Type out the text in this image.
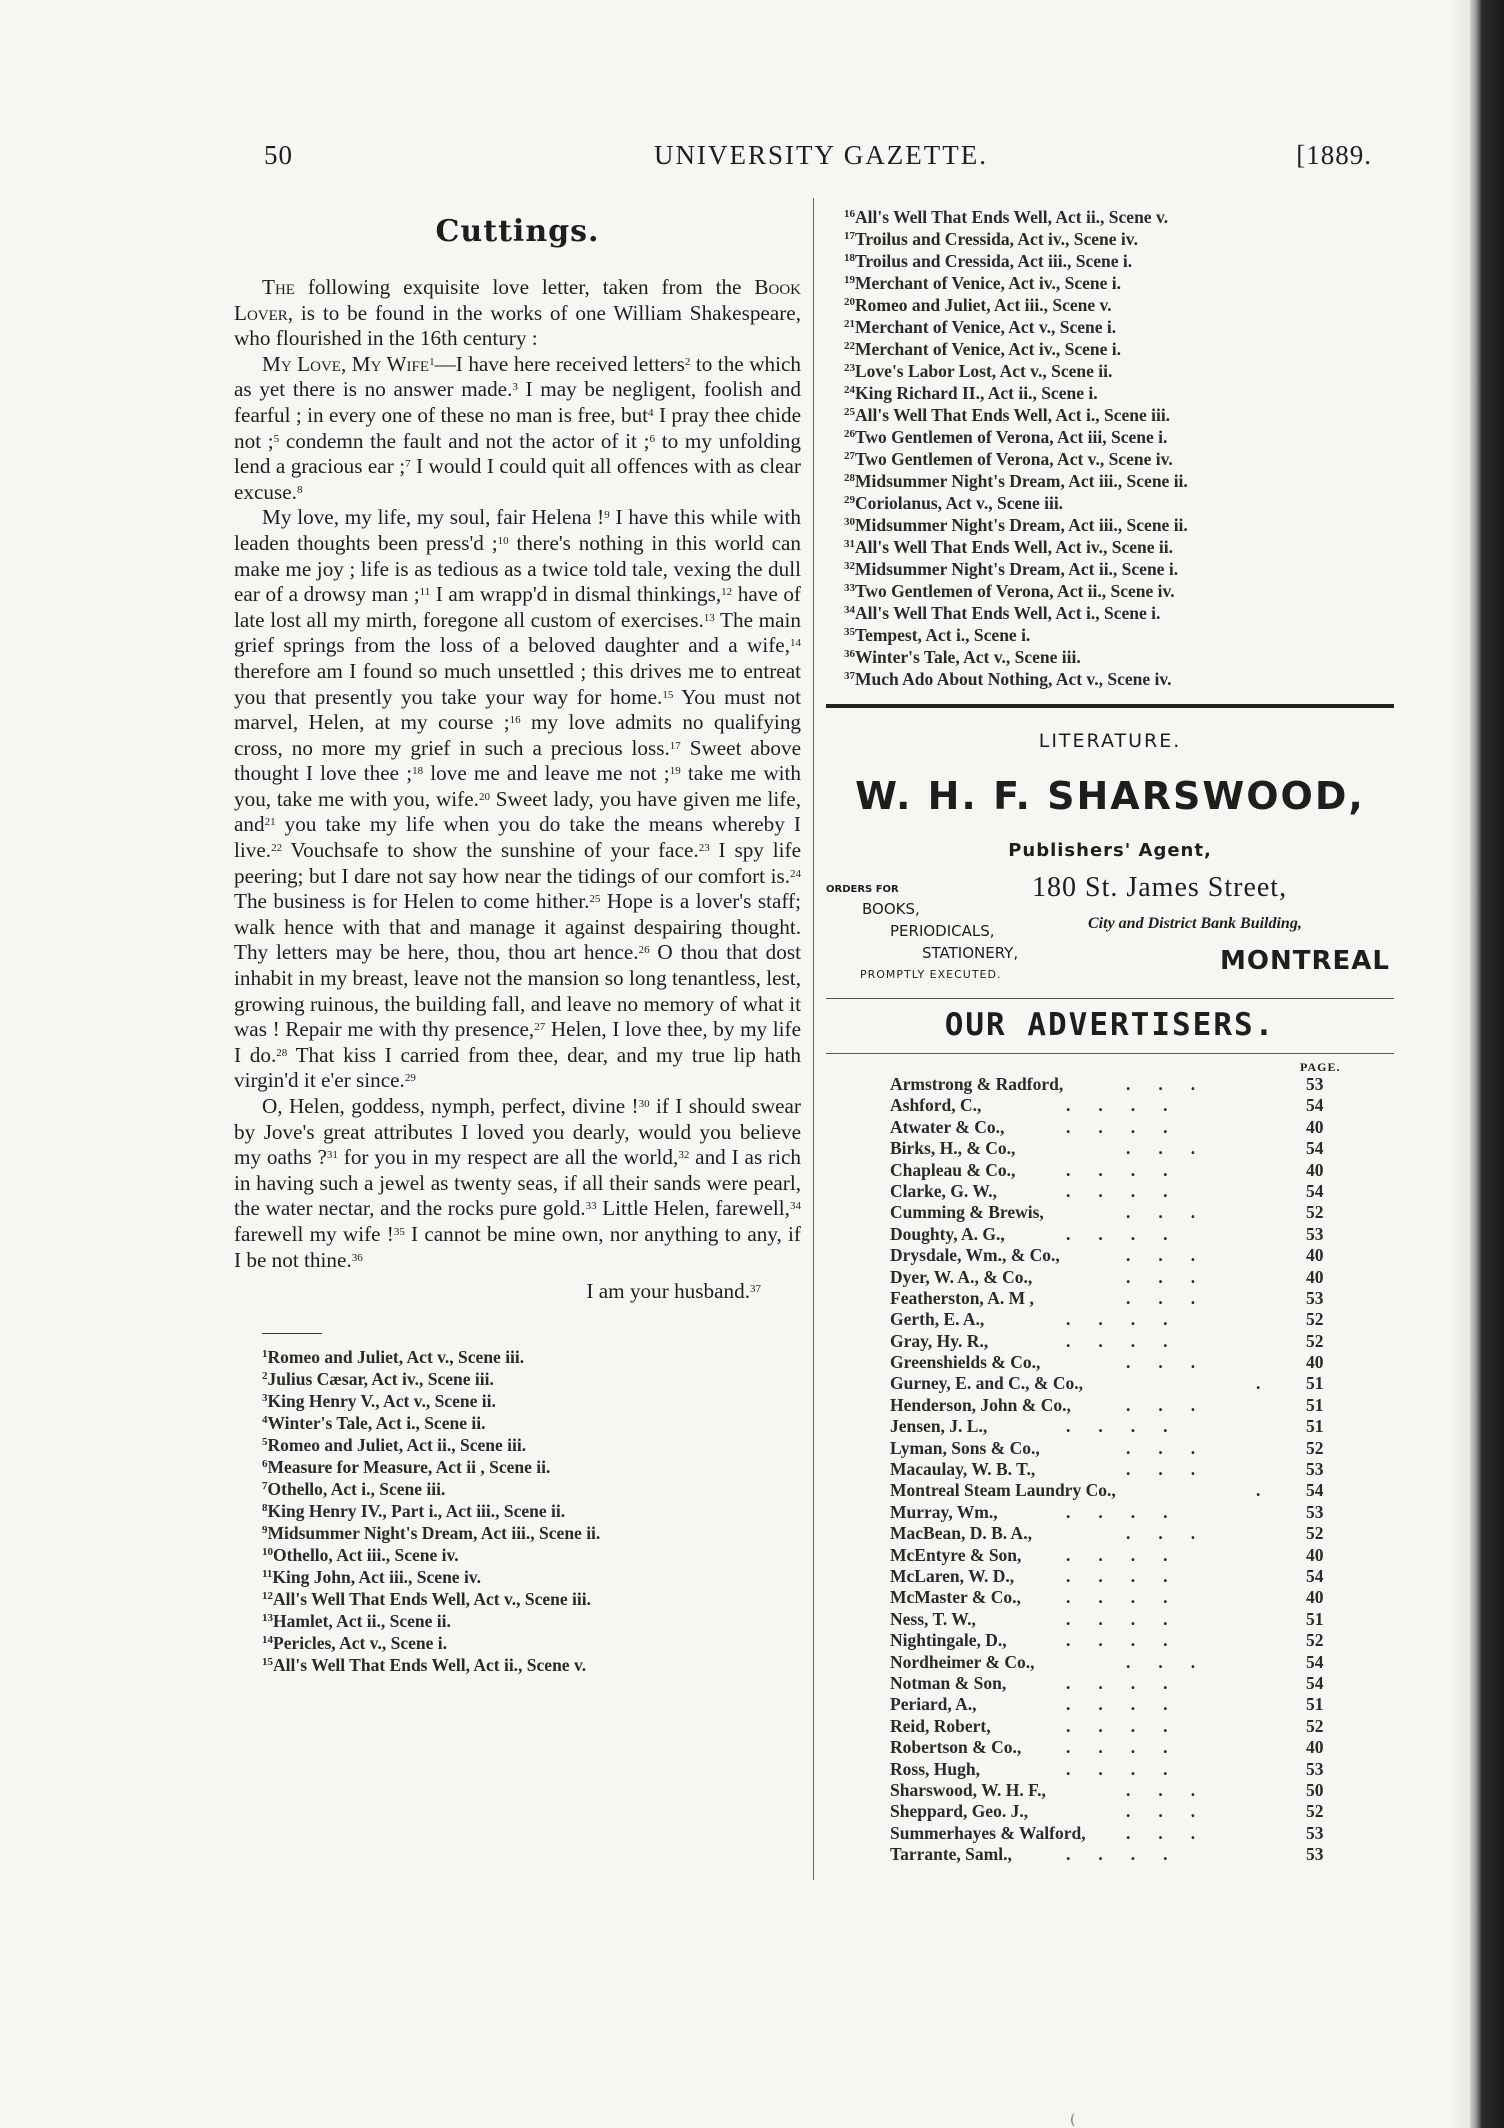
50	UNIVERSITY GAZETTE.	[1889.
Cuttings.

The following exquisite love letter, taken from the Book Lover, is to be found in the works of one William Shakespeare, who flourished in the 16th century :

My Love, My Wife$^1$—I have here received letters$^2$ to the which as yet there is no answer made.$^3$ I may be negligent, foolish and fearful ; in every one of these no man is free, but$^4$ I pray thee chide not ;$^5$ condemn the fault and not the actor of it ;$^6$ to my unfolding lend a gracious ear ;$^7$ I would I could quit all offences with as clear excuse.$^8$

My love, my life, my soul, fair Helena !$^9$ I have this while with leaden thoughts been press'd ;$^{10}$ there's nothing in this world can make me joy ; life is as tedious as a twice told tale, vexing the dull ear of a drowsy man ;$^{11}$ I am wrapp'd in dismal thinkings,$^{12}$ have of late lost all my mirth, foregone all custom of exercises.$^{13}$ The main grief springs from the loss of a beloved daughter and a wife,$^{14}$ therefore am I found so much unsettled ; this drives me to entreat you that presently you take your way for home.$^{15}$ You must not marvel, Helen, at my course ;$^{16}$ my love admits no qualifying cross, no more my grief in such a precious loss.$^{17}$ Sweet above thought I love thee ;$^{18}$ love me and leave me not ;$^{19}$ take me with you, take me with you, wife.$^{20}$ Sweet lady, you have given me life, and$^{21}$ you take my life when you do take the means whereby I live.$^{22}$ Vouchsafe to show the sunshine of your face.$^{23}$ I spy life peering; but I dare not say how near the tidings of our comfort is.$^{24}$ The business is for Helen to come hither.$^{25}$ Hope is a lover's staff; walk hence with that and manage it against despairing thought. Thy letters may be here, thou, thou art hence.$^{26}$ O thou that dost inhabit in my breast, leave not the mansion so long tenantless, lest, growing ruinous, the building fall, and leave no memory of what it was ! Repair me with thy presence,$^{27}$ Helen, I love thee, by my life I do.$^{28}$ That kiss I carried from thee, dear, and my true lip hath virgin'd it e'er since.$^{29}$

O, Helen, goddess, nymph, perfect, divine !$^{30}$ if I should swear by Jove's great attributes I loved you dearly, would you believe my oaths ?$^{31}$ for you in my respect are all the world,$^{32}$ and I as rich in having such a jewel as twenty seas, if all their sands were pearl, the water nectar, and the rocks pure gold.$^{33}$ Little Helen, farewell,$^{34}$ farewell my wife !$^{35}$ I cannot be mine own, nor anything to any, if I be not thine.$^{36}$

I am your husband.$^{37}$

$^1$Romeo and Juliet, Act v., Scene iii.
$^2$Julius Cæsar, Act iv., Scene iii.
$^3$King Henry V., Act v., Scene ii.
$^4$Winter's Tale, Act i., Scene ii.
$^5$Romeo and Juliet, Act ii., Scene iii.
$^6$Measure for Measure, Act ii , Scene ii.
$^7$Othello, Act i., Scene iii.
$^8$King Henry IV., Part i., Act iii., Scene ii.
$^9$Midsummer Night's Dream, Act iii., Scene ii.
$^{10}$Othello, Act iii., Scene iv.
$^{11}$King John, Act iii., Scene iv.
$^{12}$All's Well That Ends Well, Act v., Scene iii.
$^{13}$Hamlet, Act ii., Scene ii.
$^{14}$Pericles, Act v., Scene i.
$^{15}$All's Well That Ends Well, Act ii., Scene v.
$^{16}$All's Well That Ends Well, Act ii., Scene v.
$^{17}$Troilus and Cressida, Act iv., Scene iv.
$^{18}$Troilus and Cressida, Act iii., Scene i.
$^{19}$Merchant of Venice, Act iv., Scene i.
$^{20}$Romeo and Juliet, Act iii., Scene v.
$^{21}$Merchant of Venice, Act v., Scene i.
$^{22}$Merchant of Venice, Act iv., Scene i.
$^{23}$Love's Labor Lost, Act v., Scene ii.
$^{24}$King Richard II., Act ii., Scene i.
$^{25}$All's Well That Ends Well, Act i., Scene iii.
$^{26}$Two Gentlemen of Verona, Act iii, Scene i.
$^{27}$Two Gentlemen of Verona, Act v., Scene iv.
$^{28}$Midsummer Night's Dream, Act iii., Scene ii.
$^{29}$Coriolanus, Act v., Scene iii.
$^{30}$Midsummer Night's Dream, Act iii., Scene ii.
$^{31}$All's Well That Ends Well, Act iv., Scene ii.
$^{32}$Midsummer Night's Dream, Act ii., Scene i.
$^{33}$Two Gentlemen of Verona, Act ii., Scene iv.
$^{34}$All's Well That Ends Well, Act i., Scene i.
$^{35}$Tempest, Act i., Scene i.
$^{36}$Winter's Tale, Act v., Scene iii.
$^{37}$Much Ado About Nothing, Act v., Scene iv.
LITERATURE.
W. H. F. SHARSWOOD,
Publishers' Agent,
ORDERS FOR
BOOKS,
PERIODICALS,
STATIONERY,
PROMPTLY EXECUTED.
180 St. James Street,
City and District Bank Building,
MONTREAL
OUR ADVERTISERS.
PAGE.
Armstrong & Radford,	...	53
Ashford, C.,	....	54
Atwater & Co.,	....	40
Birks, H., & Co.,	...	54
Chapleau & Co.,	....	40
Clarke, G. W.,	....	54
Cumming & Brewis,	...	52
Doughty, A. G.,	....	53
Drysdale, Wm., & Co.,	...	40
Dyer, W. A., & Co.,	...	40
Featherston, A. M ,	...	53
Gerth, E. A.,	....	52
Gray, Hy. R.,	....	52
Greenshields & Co.,	...	40
Gurney, E. and C., & Co.,	.	51
Henderson, John & Co.,	...	51
Jensen, J. L.,	....	51
Lyman, Sons & Co.,	...	52
Macaulay, W. B. T.,	...	53
Montreal Steam Laundry Co.,	.	54
Murray, Wm.,	....	53
MacBean, D. B. A.,	...	52
McEntyre & Son,	....	40
McLaren, W. D.,	....	54
McMaster & Co.,	....	40
Ness, T. W.,	....	51
Nightingale, D.,	....	52
Nordheimer & Co.,	...	54
Notman & Son,	....	54
Periard, A.,	....	51
Reid, Robert,	....	52
Robertson & Co.,	....	40
Ross, Hugh,	....	53
Sharswood, W. H. F.,	...	50
Sheppard, Geo. J.,	...	52
Summerhayes & Walford, ...	53
Tarrante, Saml.,	....	53
(
